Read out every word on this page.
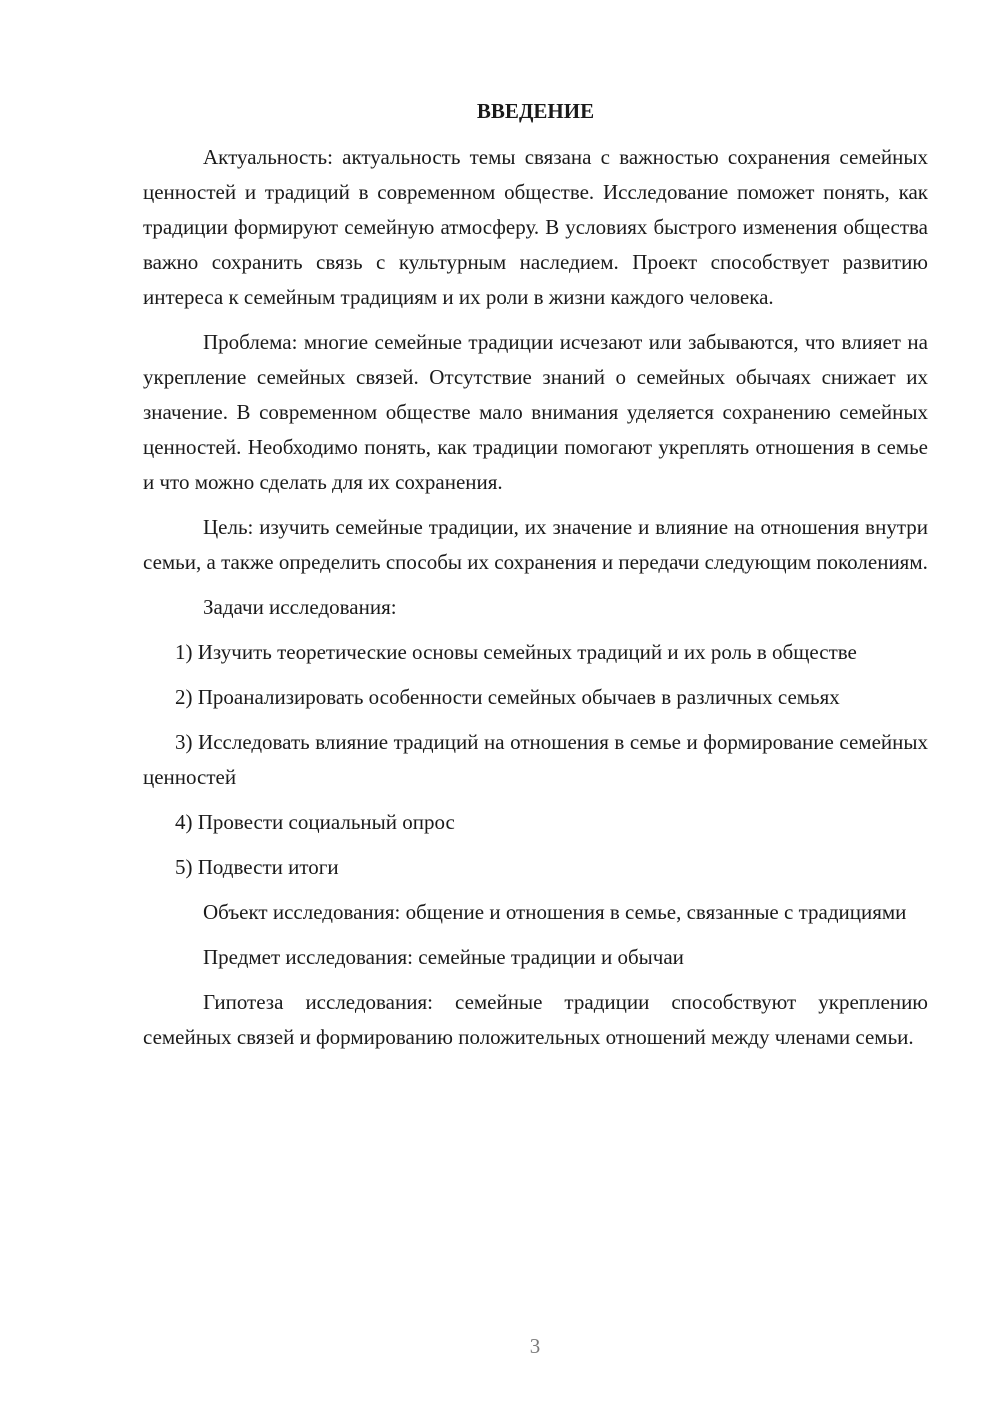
ВВЕДЕНИЕ

Актуальность: актуальность темы связана с важностью сохранения семейных ценностей и традиций в современном обществе. Исследование поможет понять, как традиции формируют семейную атмосферу. В условиях быстрого изменения общества важно сохранить связь с культурным наследием. Проект способствует развитию интереса к семейным традициям и их роли в жизни каждого человека.

Проблема: многие семейные традиции исчезают или забываются, что влияет на укрепление семейных связей. Отсутствие знаний о семейных обычаях снижает их значение. В современном обществе мало внимания уделяется сохранению семейных ценностей. Необходимо понять, как традиции помогают укреплять отношения в семье и что можно сделать для их сохранения.

Цель: изучить семейные традиции, их значение и влияние на отношения внутри семьи, а также определить способы их сохранения и передачи следующим поколениям.

Задачи исследования:

1) Изучить теоретические основы семейных традиций и их роль в обществе

2) Проанализировать особенности семейных обычаев в различных семьях

3) Исследовать влияние традиций на отношения в семье и формирование семейных ценностей

4) Провести социальный опрос

5) Подвести итоги

Объект исследования: общение и отношения в семье, связанные с традициями

Предмет исследования: семейные традиции и обычаи

Гипотеза исследования: семейные традиции способствуют укреплению семейных связей и формированию положительных отношений между членами семьи.

3
